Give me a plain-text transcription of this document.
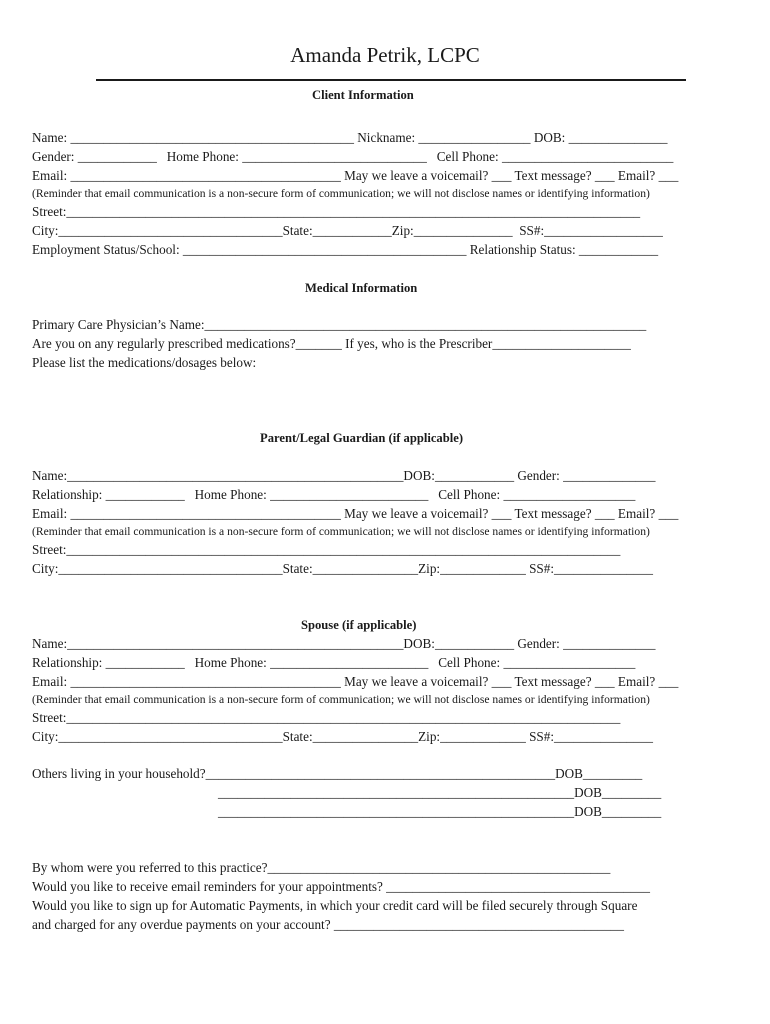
Amanda Petrik, LCPC
Client Information
Name: ___________________________________________ Nickname: _________________ DOB: _______________
Gender: ____________   Home Phone: ____________________________   Cell Phone: __________________________
Email: _________________________________________ May we leave a voicemail? ___ Text message? ___ Email? ___
(Reminder that email communication is a non-secure form of communication; we will not disclose names or identifying information)
Street:_______________________________________________________________________________________
City:__________________________________State:____________Zip:_______________  SS#:__________________
Employment Status/School: ___________________________________________ Relationship Status: ____________
Medical Information
Primary Care Physician’s Name:___________________________________________________________________
Are you on any regularly prescribed medications?_______ If yes, who is the Prescriber_____________________
Please list the medications/dosages below:
Parent/Legal Guardian (if applicable)
Name:___________________________________________________DOB:____________ Gender: ______________
Relationship: ____________   Home Phone: ________________________   Cell Phone: ____________________
Email: _________________________________________ May we leave a voicemail? ___ Text message? ___ Email? ___
(Reminder that email communication is a non-secure form of communication; we will not disclose names or identifying information)
Street:____________________________________________________________________________________
City:__________________________________State:________________Zip:_____________ SS#:_______________
Spouse (if applicable)
Name:___________________________________________________DOB:____________ Gender: ______________
Relationship: ____________   Home Phone: ________________________   Cell Phone: ____________________
Email: _________________________________________ May we leave a voicemail? ___ Text message? ___ Email? ___
(Reminder that email communication is a non-secure form of communication; we will not disclose names or identifying information)
Street:____________________________________________________________________________________
City:__________________________________State:________________Zip:_____________ SS#:_______________
Others living in your household?_____________________________________________________DOB_________
______________________________________________________DOB_________
______________________________________________________DOB_________
By whom were you referred to this practice?____________________________________________________
Would you like to receive email reminders for your appointments? ________________________________________
Would you like to sign up for Automatic Payments, in which your credit card will be filed securely through Square
and charged for any overdue payments on your account? ____________________________________________
